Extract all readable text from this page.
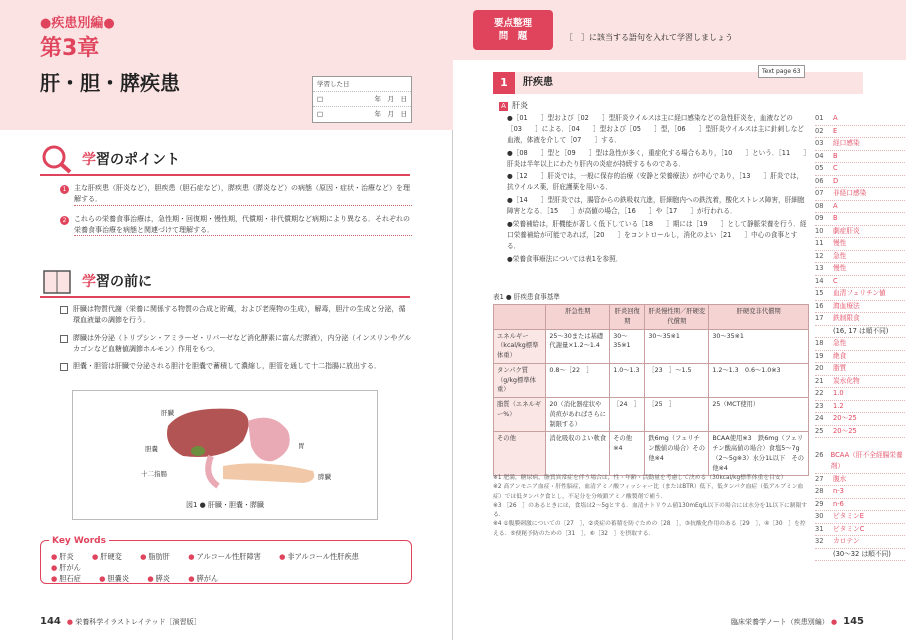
●疾患別編●
第3章
肝・胆・膵疾患	学習した日
□	年　月　日
□	年　月　日
学習のポイント
1	主な肝疾患（肝炎など），胆疾患（胆石症など），膵疾患（膵炎など）の病態（原因・症状・治療など）を理解する．
2	これらの栄養食事治療は，急性期・回復期・慢性期，代償期・非代償期など病期により異なる．それぞれの栄養食事治療を病態と関連づけて理解する．
学習の前に
肝臓は物質代謝（栄養に関係する物質の合成と貯蔵，および老廃物の生成），解毒，胆汁の生成と分泌，循環血液量の調節を行う．
膵臓は外分泌（トリプシン・アミラーゼ・リパーゼなど消化酵素に富んだ膵液），内分泌（インスリンやグルカゴンなど血糖値調節ホルモン）作用をもつ．
胆嚢・胆管は肝臓で分泌される胆汁を胆嚢で蓄積して濃縮し，胆管を通して十二指腸に放出する．
肝臓
胆嚢
十二指腸
胃
膵臓
図1 ● 肝臓・胆嚢・膵臓
Key Words
● 肝炎	● 肝硬変	● 脂肪肝	● アルコール性肝障害	● 非アルコール性肝疾患 ● 肝がん
● 胆石症	● 胆嚢炎	● 膵炎	● 膵がん
144 ● 栄養科学イラストレイテッド［演習版］
要点整理
問　題	［　］に該当する語句を入れて学習しましょう
1	肝疾患
Text page 63
A 肝炎

●［01　　］型および［02　　］型肝炎ウイルスは主に経口感染などの急性肝炎を，血液などの［03　　］による．［04　　］型および［05　　］型，［06　　］型肝炎ウイルスは主に針刺しなど血液，体液を介して［07　　］する．

●［08　　］型と［09　　］型は急性が多く，重症化する場合もあり，［10　　］という．［11　　］肝炎は半年以上にわたり肝内の炎症が持続するものである．

●［12　　］肝炎では，一般に保存的治療（安静と栄養療法）が中心であり，［13　　］肝炎では，抗ウイルス薬，肝庇護薬を用いる．

●［14　　］型肝炎では，腸管からの鉄吸収亢進，肝細胞内への鉄沈着，酸化ストレス障害，肝細胞障害となる．［15　　］が高値の場合，［16　　］や［17　　］が行われる．

●栄養補給は，肝機能が著しく低下している［18　　］期には［19　　］として静脈栄養を行う．経口栄養補給が可能であれば，［20　　］をコントロールし，消化のよい［21　　］中心の食事とする．

●栄養食事療法については表1を参照．

表1 ● 肝疾患食事基準
	肝急性期	肝炎回復期	肝炎慢性期／肝硬変代償期	肝硬変非代償期
エネルギー（kcal/kg標準体重）	25〜30または基礎代謝量×1.2〜1.4	30〜35※1	30〜35※1	30〜35※1
タンパク質（g/kg標準体重）	0.8〜［22　］	1.0〜1.3	［23　］〜1.5	1.2〜1.3　0.6〜1.0※3
脂質（エネルギー%）	20（消化器症状や黄疸があればさらに制限する）	［24　］	［25　］	25（MCT使用）
その他	消化吸収のよい軟食	その他※4	鉄6mg（フェリチン酸値の場合）その他※4	BCAA使用※3　鉄6mg（フェリチン酸高値の場合）食塩5〜7g（2〜5g※3）水分1L以下　その他※4
※1 肥満，糖尿病，脂質異常症を伴う場合は，性・年齢・活動量を考慮して決める（30kcal/kg標準体重を目安）
※2 高アンモニア血症・肝性脳症，血清アミノ酸フィッシャー比（またはBTR）低下，低タンパク血症（低アルブミン血症）では低タンパク食とし，不足分を分岐鎖アミノ酸製剤で補う．
※3 ［26　］のあるときには，食塩は2〜5gとする．血清ナトリウム値130mEq/L以下の場合には水分を1L以下に制限する．
※4 ①腹膜刺激についての［27　］，②炎症の蓄積を防ぐための［28　］，③抗酸化作用のある［29　］，④［30　］を控える．⑤便秘予防のための［31　］，⑥［32　］を摂取する．
01	A
02	E
03	経口感染
04	B
05	C
06	D
07	非経口感染
08	A
09	B
10	劇症肝炎
11	慢性
12	急性
13	慢性
14	C
15	血清フェリチン値
16	瀉血療法
17	鉄制限食
(16, 17 は順不同)
18	急性
19	絶食
20	脂質
21	炭水化物
22	1.0
23	1.2
24	20〜25
25	20〜25
26	BCAA（肝不全経腸栄養剤）
27	腹水
28	n-3
29	n-6
30	ビタミンE
31	ビタミンC
32	カロテン
(30〜32 は順不同)
臨床栄養学ノート（疾患別編） ● 145
